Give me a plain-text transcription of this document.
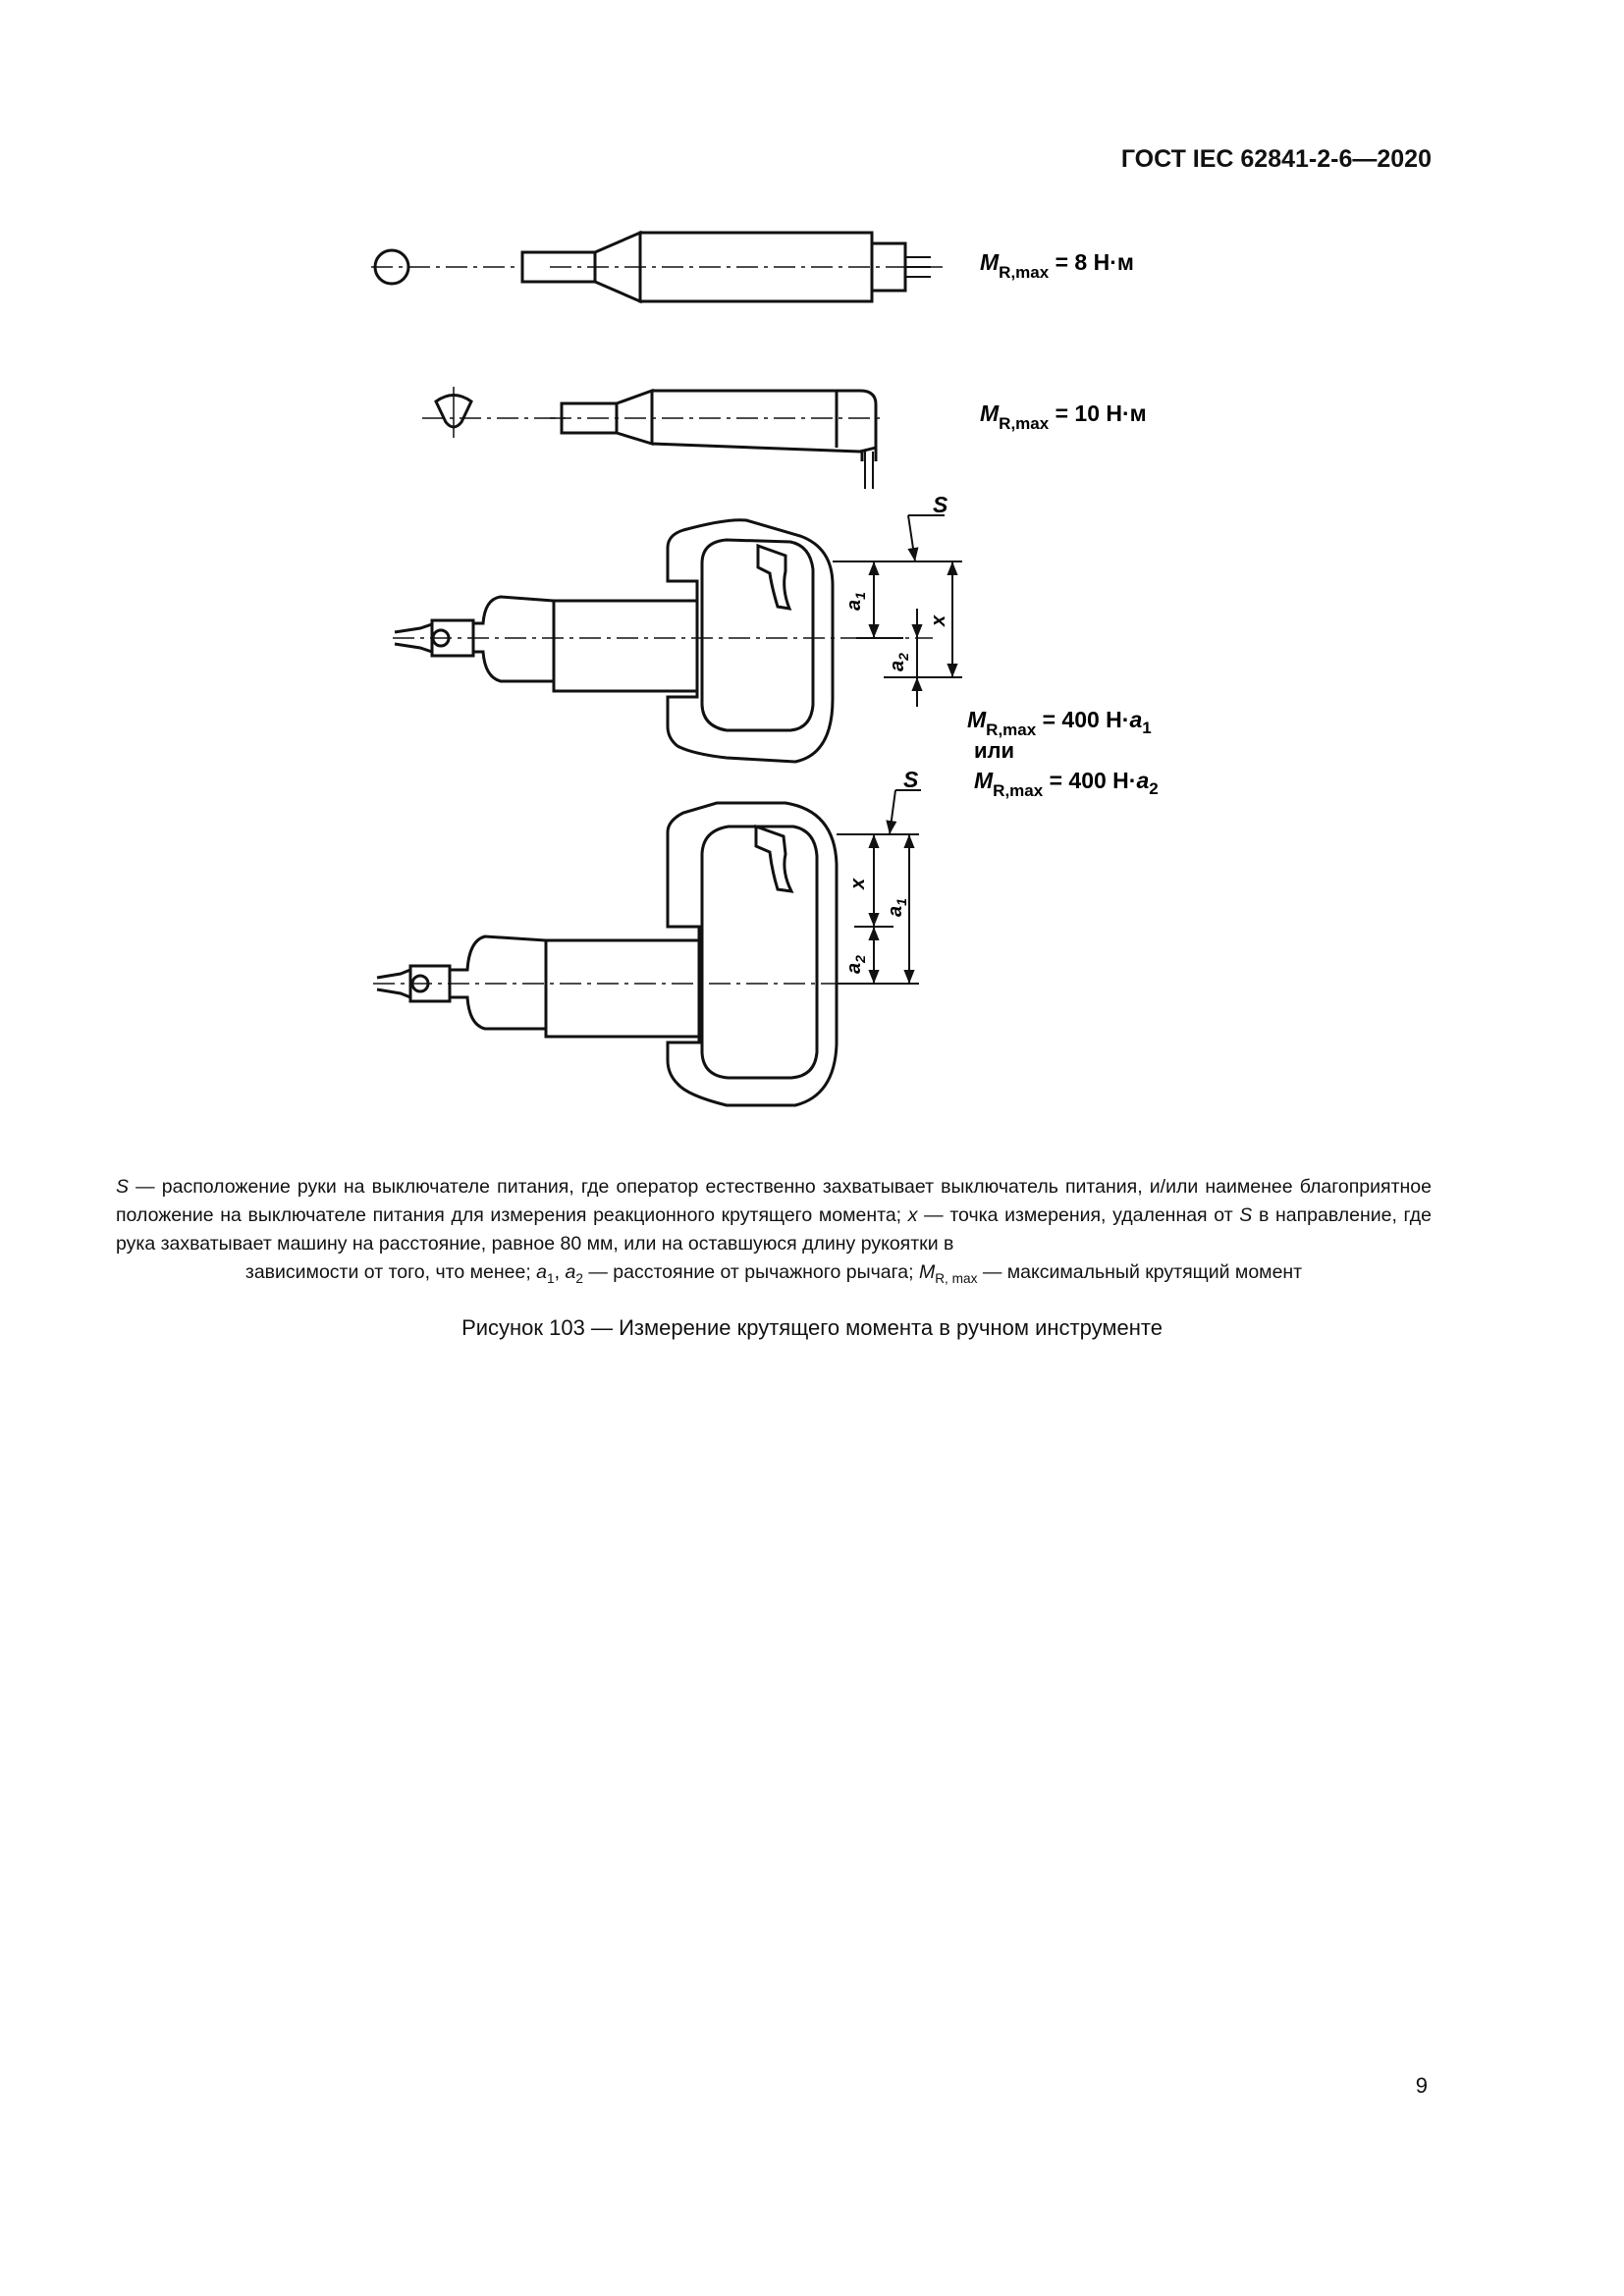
ГОСТ IEC 62841-2-6—2020
$M_{R,max} = 8$ Н·м
$M_{R,max} = 10$ Н·м
$M_{R,max} = 400$ $Н\cdot a_1$
или
$M_{R,max} = 400$ $Н\cdot a_2$
S
$a_1$
x
$a_2$
S
x
$a_1$
$a_2$
S — расположение руки на выключателе питания, где оператор естественно захватывает выключатель питания, и/или наименее благоприятное положение на выключателе питания для измерения реакционного крутящего момента; x — точка измерения, удаленная от S в направление, где рука захватывает машину на расстояние, равное 80 мм, или на оставшуюся длину рукоятки в
зависимости от того, что менее; $a_1$, $a_2$ — расстояние от рычажного рычага; $M_{R, max}$ — максимальный крутящий момент
Рисунок 103 — Измерение крутящего момента в ручном инструменте
9
